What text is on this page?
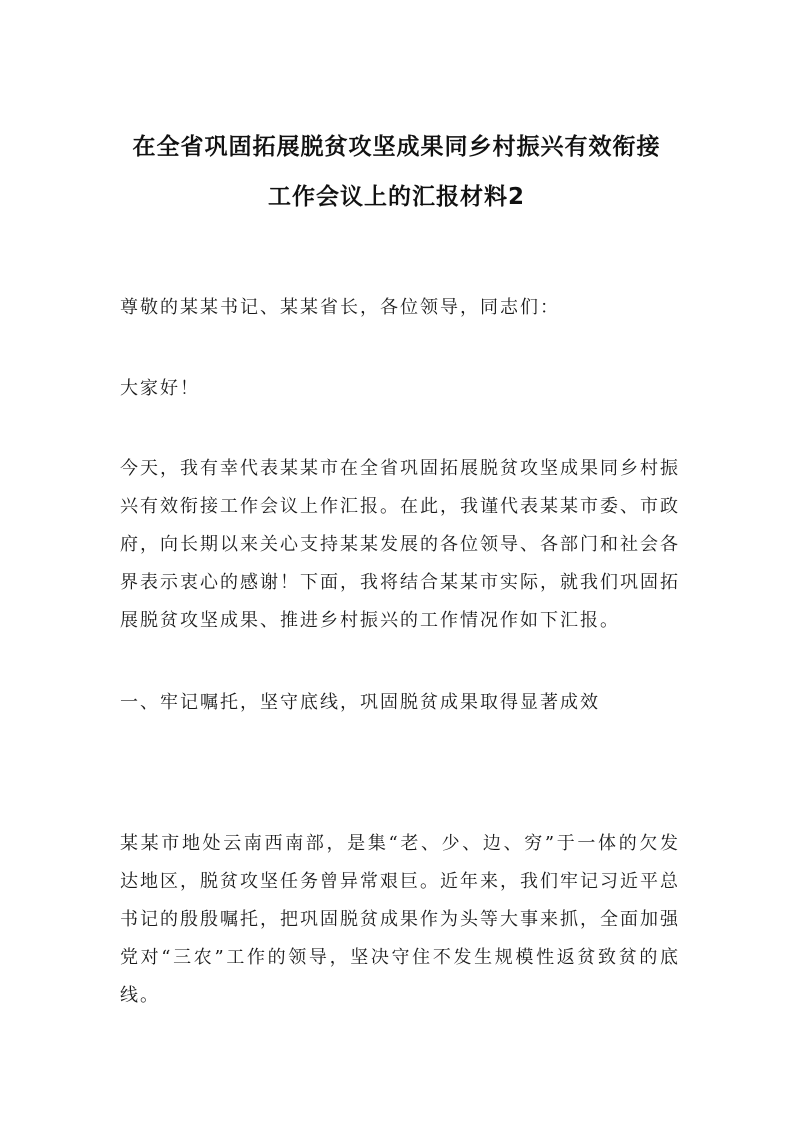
在全省巩固拓展脱贫攻坚成果同乡村振兴有效衔接
工作会议上的汇报材料2

尊敬的某某书记、某某省长，各位领导，同志们：

大家好！

今天，我有幸代表某某市在全省巩固拓展脱贫攻坚成果同乡村振兴有效衔接工作会议上作汇报。在此，我谨代表某某市委、市政府，向长期以来关心支持某某发展的各位领导、各部门和社会各界表示衷心的感谢！下面，我将结合某某市实际，就我们巩固拓展脱贫攻坚成果、推进乡村振兴的工作情况作如下汇报。

一、牢记嘱托，坚守底线，巩固脱贫成果取得显著成效

某某市地处云南西南部，是集“老、少、边、穷”于一体的欠发达地区，脱贫攻坚任务曾异常艰巨。近年来，我们牢记习近平总书记的殷殷嘱托，把巩固脱贫成果作为头等大事来抓，全面加强党对“三农”工作的领导，坚决守住不发生规模性返贫致贫的底线。
